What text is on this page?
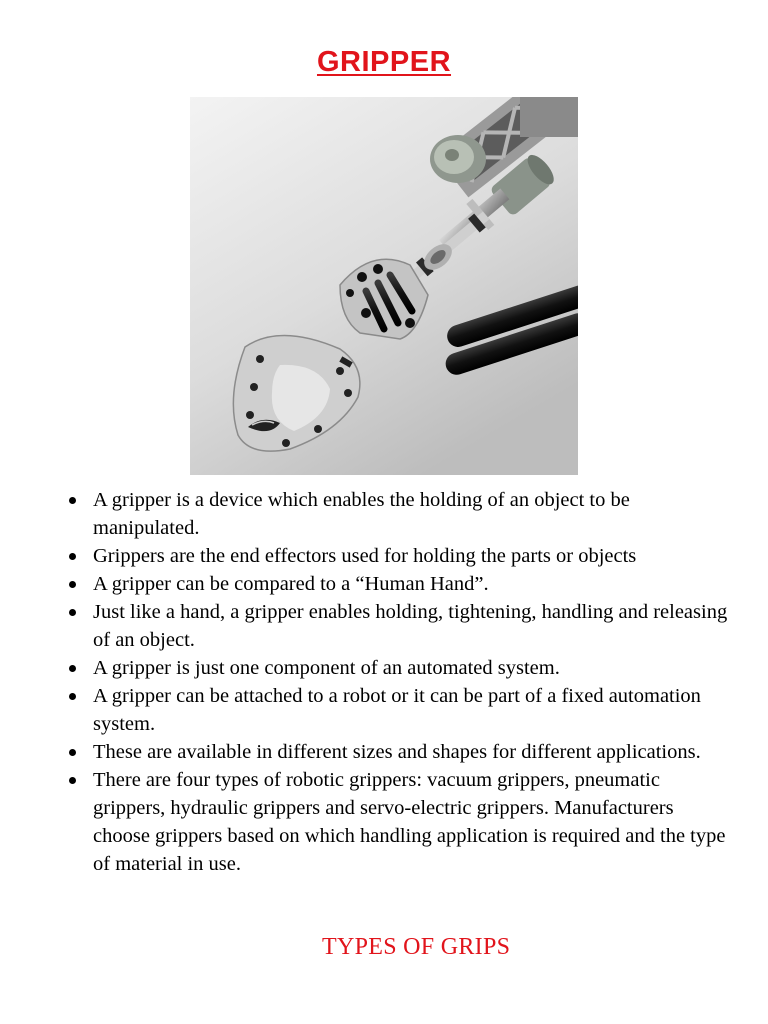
GRIPPER
A gripper is a device which enables the holding of an object to be manipulated.
Grippers are the end effectors used for holding the parts or objects
A gripper can be compared to a “Human Hand”.
Just like a hand, a gripper enables holding, tightening, handling and releasing of an object.
A gripper is just one component of an automated system.
A gripper can be attached to a robot or it can be part of a fixed automation system.
These are available in different sizes and shapes for different applications.
There are four types of robotic grippers: vacuum grippers, pneumatic grippers, hydraulic grippers and servo-electric grippers. Manufacturers choose grippers based on which handling application is required and the type of material in use.
TYPES OF GRIPS
